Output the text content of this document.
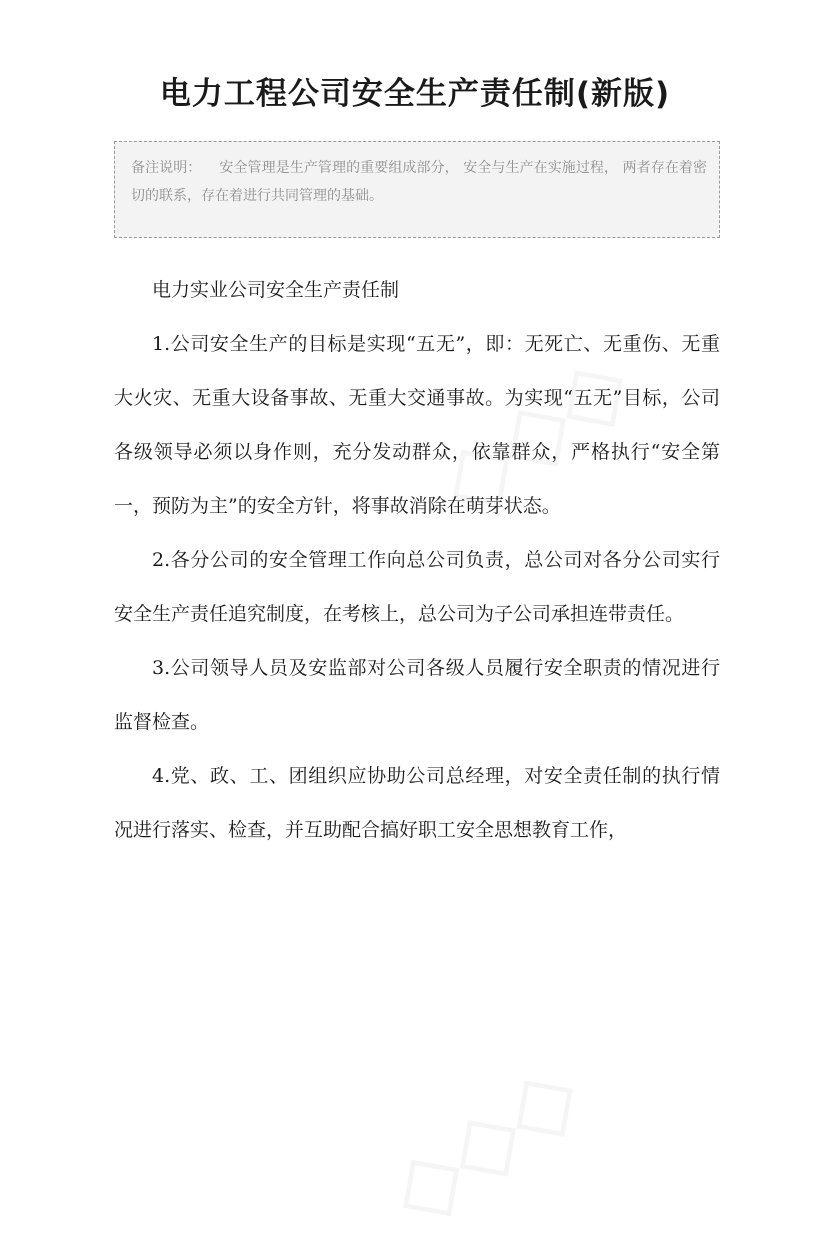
电力工程公司安全生产责任制(新版)
备注说明： 安全管理是生产管理的重要组成部分， 安全与生产在实施过程， 两者存在着密切的联系，存在着进行共同管理的基础。

电力实业公司安全生产责任制

1.公司安全生产的目标是实现“五无”，即：无死亡、无重伤、无重大火灾、无重大设备事故、无重大交通事故。为实现“五无”目标，公司各级领导必须以身作则，充分发动群众，依靠群众，严格执行“安全第一，预防为主”的安全方针，将事故消除在萌芽状态。

2.各分公司的安全管理工作向总公司负责，总公司对各分公司实行安全生产责任追究制度，在考核上，总公司为子公司承担连带责任。

3.公司领导人员及安监部对公司各级人员履行安全职责的情况进行监督检查。

4.党、政、工、团组织应协助公司总经理，对安全责任制的执行情况进行落实、检查，并互助配合搞好职工安全思想教育工作，
